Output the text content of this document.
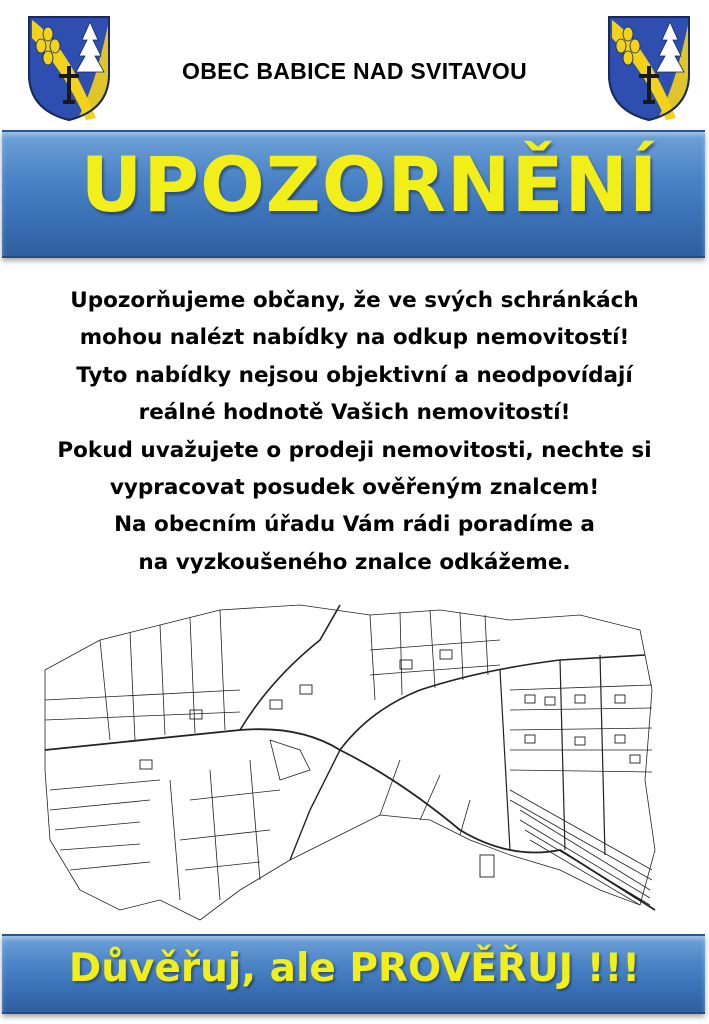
OBEC BABICE NAD SVITAVOU
UPOZORNĚNÍ
Upozorňujeme občany, že ve svých schránkách
mohou nalézt nabídky na odkup nemovitostí!
Tyto nabídky nejsou objektivní a neodpovídají
reálné hodnotě Vašich nemovitostí!
Pokud uvažujete o prodeji nemovitosti, nechte si
vypracovat posudek ověřeným znalcem!
Na obecním úřadu Vám rádi poradíme a
na vyzkoušeného znalce odkážeme.
Důvěřuj, ale PROVĚŘUJ !!!
